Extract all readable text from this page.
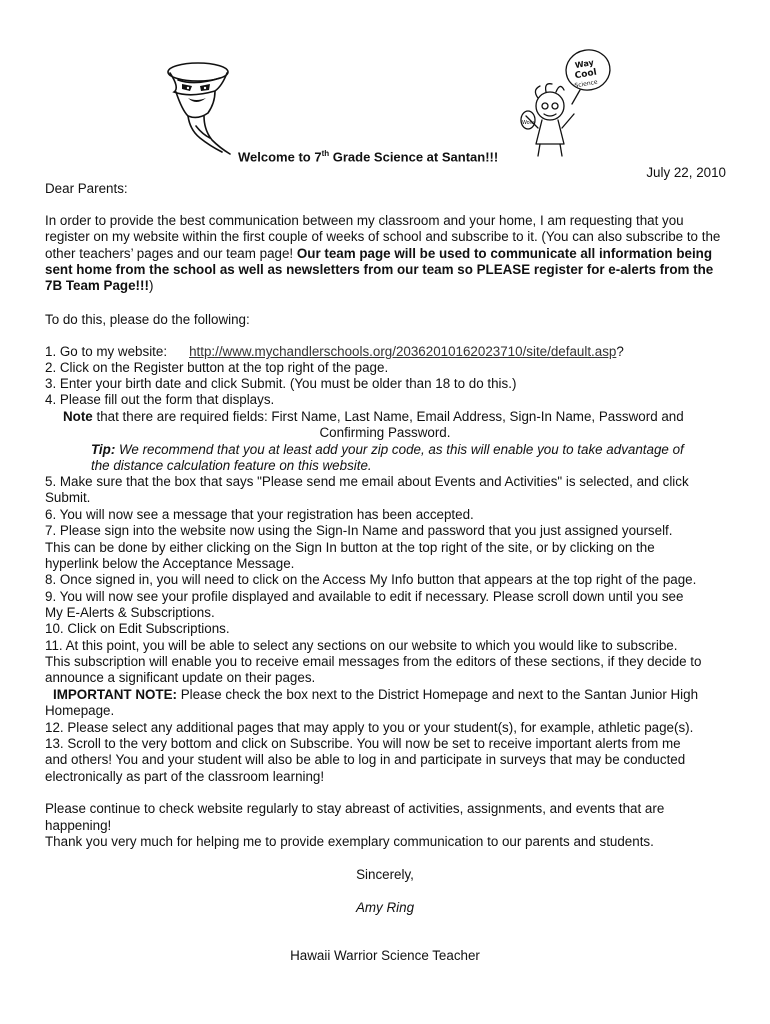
Way
Cool
Science
Wow!
Welcome to 7th Grade Science at Santan!!!
July 22, 2010
Dear Parents:
In order to provide the best communication between my classroom and your home, I am requesting that you register on my website within the first couple of weeks of school and subscribe to it. (You can also subscribe to the other teachers’ pages and our team page! Our team page will be used to communicate all information being sent home from the school as well as newsletters from our team so PLEASE register for e-alerts from the 7B Team Page!!!)
To do this, please do the following:
1. Go to my website: http://www.mychandlerschools.org/20362010162023710/site/default.asp?
2. Click on the Register button at the top right of the page.
3. Enter your birth date and click Submit. (You must be older than 18 to do this.)
4. Please fill out the form that displays.
Note that there are required fields: First Name, Last Name, Email Address, Sign-In Name, Password and
Confirming Password.
Tip: We recommend that you at least add your zip code, as this will enable you to take advantage of
the distance calculation feature on this website.
5. Make sure that the box that says "Please send me email about Events and Activities" is selected, and click
Submit.
6. You will now see a message that your registration has been accepted.
7. Please sign into the website now using the Sign-In Name and password that you just assigned yourself.
This can be done by either clicking on the Sign In button at the top right of the site, or by clicking on the
hyperlink below the Acceptance Message.
8. Once signed in, you will need to click on the Access My Info button that appears at the top right of the page.
9. You will now see your profile displayed and available to edit if necessary. Please scroll down until you see
My E-Alerts & Subscriptions.
10. Click on Edit Subscriptions.
11. At this point, you will be able to select any sections on our website to which you would like to subscribe.
This subscription will enable you to receive email messages from the editors of these sections, if they decide to
announce a significant update on their pages.
IMPORTANT NOTE: Please check the box next to the District Homepage and next to the Santan Junior High
Homepage.
12. Please select any additional pages that may apply to you or your student(s), for example, athletic page(s).
13. Scroll to the very bottom and click on Subscribe. You will now be set to receive important alerts from me
and others! You and your student will also be able to log in and participate in surveys that may be conducted
electronically as part of the classroom learning!
Please continue to check website regularly to stay abreast of activities, assignments, and events that are
happening!
Thank you very much for helping me to provide exemplary communication to our parents and students.
Sincerely,
Amy Ring
Hawaii Warrior Science Teacher
